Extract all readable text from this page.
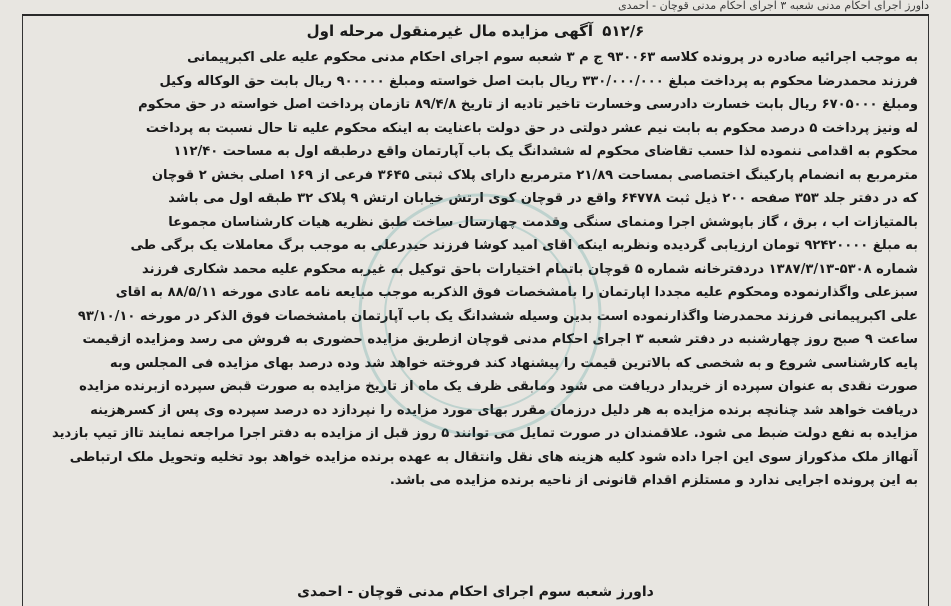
داورز اجرای احکام مدنی شعبه ۳ اجرای احکام مدنی قوچان - احمدی
۵۱۲/۶ آگهی مزایده مال غیرمنقول مرحله اول
به موجب اجرائیه صادره در پرونده کلاسه ۹۳۰۰۶۳ ج م ۳ شعبه سوم اجرای احکام مدنی محکوم علیه علی اکبرپیمانی
فرزند محمدرضا محکوم به پرداخت مبلغ ۳۳۰/۰۰۰/۰۰۰ ریال بابت اصل خواسته ومبلغ ۹۰۰۰۰۰ ریال بابت حق الوکاله وکیل
ومبلغ ۶۷۰۵۰۰۰ ریال بابت خسارت دادرسی وخسارت تاخیر تادیه از تاریخ ۸۹/۴/۸ تازمان پرداخت اصل خواسته در حق محکوم
له ونیز پرداخت ۵ درصد محکوم به بابت نیم عشر دولتی در حق دولت باعنایت به اینکه محکوم علیه تا حال نسبت به پرداخت
محکوم به اقدامی ننموده لذا حسب تقاضای محکوم له ششدانگ یک باب آپارتمان واقع درطبقه اول به مساحت ۱۱۲/۴۰
مترمربع به انضمام پارکینگ اختصاصی بمساحت ۲۱/۸۹ مترمربع دارای پلاک ثبتی ۳۶۴۵ فرعی از ۱۶۹ اصلی بخش ۲ قوچان
که در دفتر جلد ۳۵۳ صفحه ۲۰۰ ذیل ثبت ۶۴۷۷۸ واقع در قوچان کوی ارتش خیابان ارتش ۹ پلاک ۳۲ طبقه اول می باشد
بالمتیازات اب ، برق ، گاز باپوشش اجرا ومنمای سنگی وقدمت چهارسال ساخت طبق نظریه هیات کارشناسان مجموعا
به مبلغ ۹۲۴۲۰۰۰۰ تومان ارزیابی گردیده ونظربه اینکه اقای امید کوشا فرزند حیدرعلی به موجب برگ معاملات یک برگی طی
شماره ۵۳۰۸-۱۳۸۷/۳/۱۳ دردفترخانه شماره ۵ قوچان باتمام اختیارات باحق توکیل به غیربه محکوم علیه محمد شکاری فرزند
سبزعلی واگذارنموده ومحکوم علیه مجددا اپارتمان را بامشخصات فوق الذکربه موجب مبایعه نامه عادی مورخه ۸۸/۵/۱۱ به اقای
علی اکبرپیمانی فرزند محمدرضا واگذارنموده است بدین وسیله ششدانگ یک باب آپارتمان بامشخصات فوق الذکر در مورخه ۹۳/۱۰/۱۰
ساعت ۹ صبح روز چهارشنبه در دفتر شعبه ۳ اجرای احکام مدنی قوچان ازطریق مزایده حضوری به فروش می رسد ومزایده ازقیمت
پایه کارشناسی شروع و به شخصی که بالاترین قیمت را پیشنهاد کند فروخته خواهد شد وده درصد بهای مزایده فی المجلس وبه
صورت نقدی به عنوان سپرده از خریدار دریافت می شود ومابقی ظرف یک ماه از تاریخ مزایده به صورت قبض سپرده ازبرنده مزایده
دریافت خواهد شد چنانچه برنده مزایده به هر دلیل درزمان مقرر بهای مورد مزایده را نپردازد ده درصد سپرده وی پس از کسرهزینه
مزایده به نفع دولت ضبط می شود. علاقمندان در صورت تمایل می توانند ۵ روز قبل از مزایده به دفتر اجرا مراجعه نمایند تااز تیپ بازدید
آنهااز ملک مذکوراز سوی این اجرا داده شود کلیه هزینه های نقل وانتقال به عهده برنده مزایده خواهد بود تخلیه وتحویل ملک ارتباطی
به این پرونده اجرایی ندارد و مستلزم اقدام قانونی از ناحیه برنده مزایده می باشد.
داورز شعبه سوم اجرای احکام مدنی قوچان - احمدی
